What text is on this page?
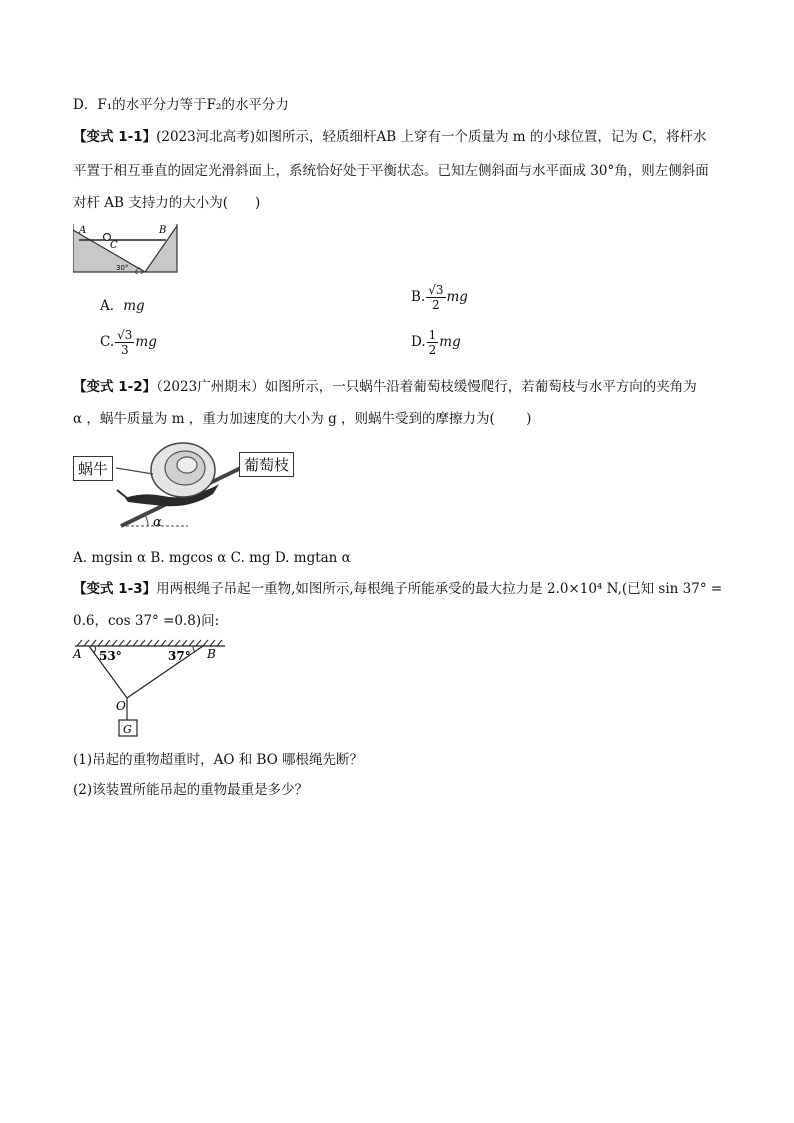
D．F₁的水平分力等于F₂的水平分力
【变式 1-1】(2023河北高考)如图所示，轻质细杆AB 上穿有一个质量为 m 的小球位置，记为 C，将杆水
平置于相互垂直的固定光滑斜面上，系统恰好处于平衡状态。已知左侧斜面与水平面成 30°角，则左侧斜面
对杆 AB 支持力的大小为(　　)
A	B
C
30°
A．mg
B. $\frac{√3}{2}$ mg
C. $\frac{√3}{3}$ mg	D. $\frac{1}{2}$ mg
【变式 1-2】（2023广州期末）如图所示，一只蜗牛沿着葡萄枝缓慢爬行，若葡萄枝与水平方向的夹角为
α ，蜗牛质量为 m ，重力加速度的大小为 g ，则蜗牛受到的摩擦力为(　　 )
α
蜗牛	葡萄枝
A. mgsin α B. mgcos α C. mg D. mgtan α
【变式 1-3】用两根绳子吊起一重物,如图所示,每根绳子所能承受的最大拉力是 2.0×10⁴ N,(已知 sin 37° =
0.6，cos 37° =0.8)问:
A 53°	37° B
O
G
(1)吊起的重物超重时，AO 和 BO 哪根绳先断？
(2)该装置所能吊起的重物最重是多少？
